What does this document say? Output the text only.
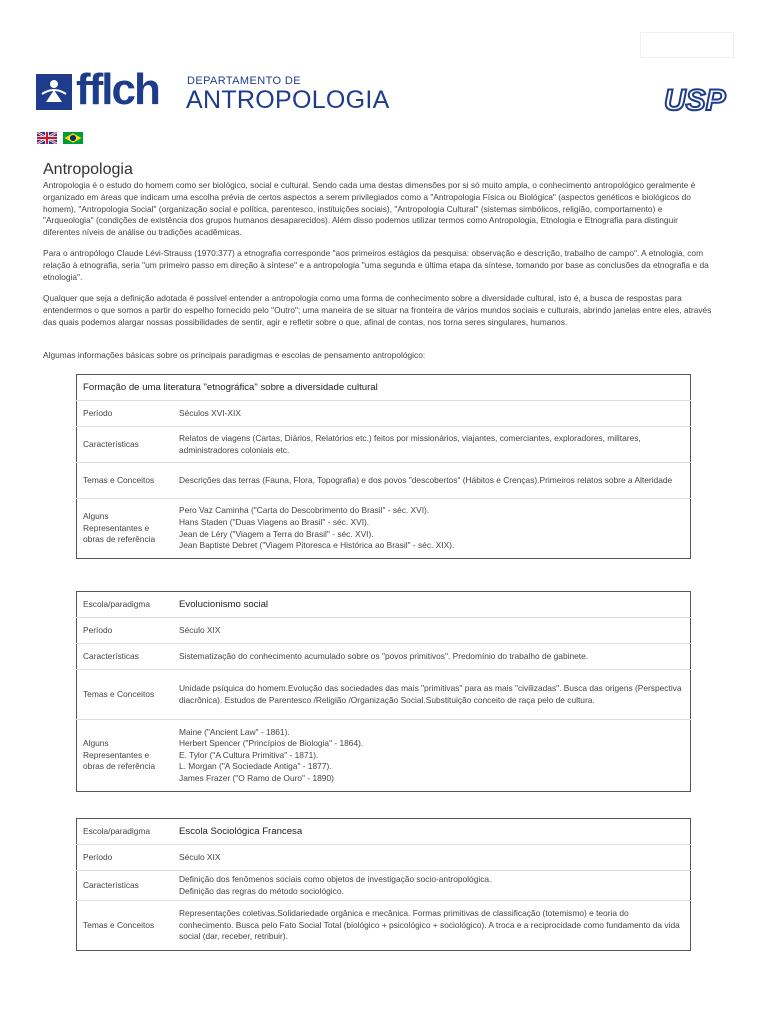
fflch	DEPARTAMENTO DE
ANTROPOLOGIA	USP
Antropologia

Antropologia é o estudo do homem como ser biológico, social e cultural. Sendo cada uma destas dimensões por si só muito ampla, o conhecimento antropológico geralmente é organizado em áreas que indicam uma escolha prévia de certos aspectos a serem privilegiados como a "Antropologia Física ou Biológica" (aspectos genéticos e biológicos do homem), "Antropologia Social" (organização social e política, parentesco, instituições sociais), "Antropologia Cultural" (sistemas simbólicos, religião, comportamento) e "Arqueologia" (condições de existência dos grupos humanos desaparecidos). Além disso podemos utilizar termos como Antropologia, Etnologia e Etnografia para distinguir diferentes níveis de análise ou tradições acadêmicas.

Para o antropólogo Claude Lévi-Strauss (1970:377) a etnografia corresponde "aos primeiros estágios da pesquisa: observação e descrição, trabalho de campo". A etnologia, com relação à etnografia, seria "um primeiro passo em direção à síntese" e a antropologia "uma segunda e última etapa da síntese, tomando por base as conclusões da etnografia e da etnologia".

Qualquer que seja a definição adotada é possível entender a antropologia como uma forma de conhecimento sobre a diversidade cultural, isto é, a busca de respostas para entendermos o que somos a partir do espelho fornecido pelo "Outro"; uma maneira de se situar na fronteira de vários mundos sociais e culturais, abrindo janelas entre eles, através das quais podemos alargar nossas possibilidades de sentir, agir e refletir sobre o que, afinal de contas, nos torna seres singulares, humanos.

Algumas informações básicas sobre os principais paradigmas e escolas de pensamento antropológico:

Formação de uma literatura "etnográfica" sobre a diversidade cultural	
Período	Séculos XVI-XIX

Características	Relatos de viagens (Cartas, Diários, Relatórios etc.) feitos por missionários, viajantes, comerciantes, exploradores, militares, administradores coloniais etc.

Temas e Conceitos	Descrições das terras (Fauna, Flora, Topografia) e dos povos "descobertos" (Hábitos e Crenças).Primeiros relatos sobre a Alteridade

Alguns Representantes e obras de referência	Pero Vaz Caminha ("Carta do Descobrimento do Brasil" - séc. XVI).
Hans Staden ("Duas Viagens ao Brasil" - séc. XVI).
Jean de Léry ("Viagem a Terra do Brasil" - séc. XVI).
Jean Baptiste Debret ("Viagem Pitoresca e Histórica ao Brasil" - séc. XIX).
Escola/paradigma	Evolucionismo social
Período	Século XIX

Características	Sistematização do conhecimento acumulado sobre os "povos primitivos". Predomínio do trabalho de gabinete.

Temas e Conceitos	Unidade psíquica do homem.Evolução das sociedades das mais "primitivas" para as mais "civilizadas". Busca das origens (Perspectiva diacrônica). Estudos de Parentesco /Religião /Organização Social.Substituição conceito de raça pelo de cultura.

Alguns Representantes e obras de referência	Maine ("Ancient Law" - 1861).
Herbert Spencer ("Princípios de Biologia" - 1864).
E. Tylor ("A Cultura Primitiva" - 1871).
L. Morgan ("A Sociedade Antiga" - 1877).
James Frazer ("O Ramo de Ouro" - 1890)
Escola/paradigma	Escola Sociológica Francesa
Período	Século XIX

Características	Definição dos fenômenos sociais como objetos de investigação socio-antropológica.
Definição das regras do método sociológico.

Temas e Conceitos	Representações coletivas.Solidariedade orgânica e mecânica. Formas primitivas de classificação (totemismo) e teoria do conhecimento. Busca pelo Fato Social Total (biológico + psicológico + sociológico). A troca e a reciprocidade como fundamento da vida social (dar, receber, retribuir).
